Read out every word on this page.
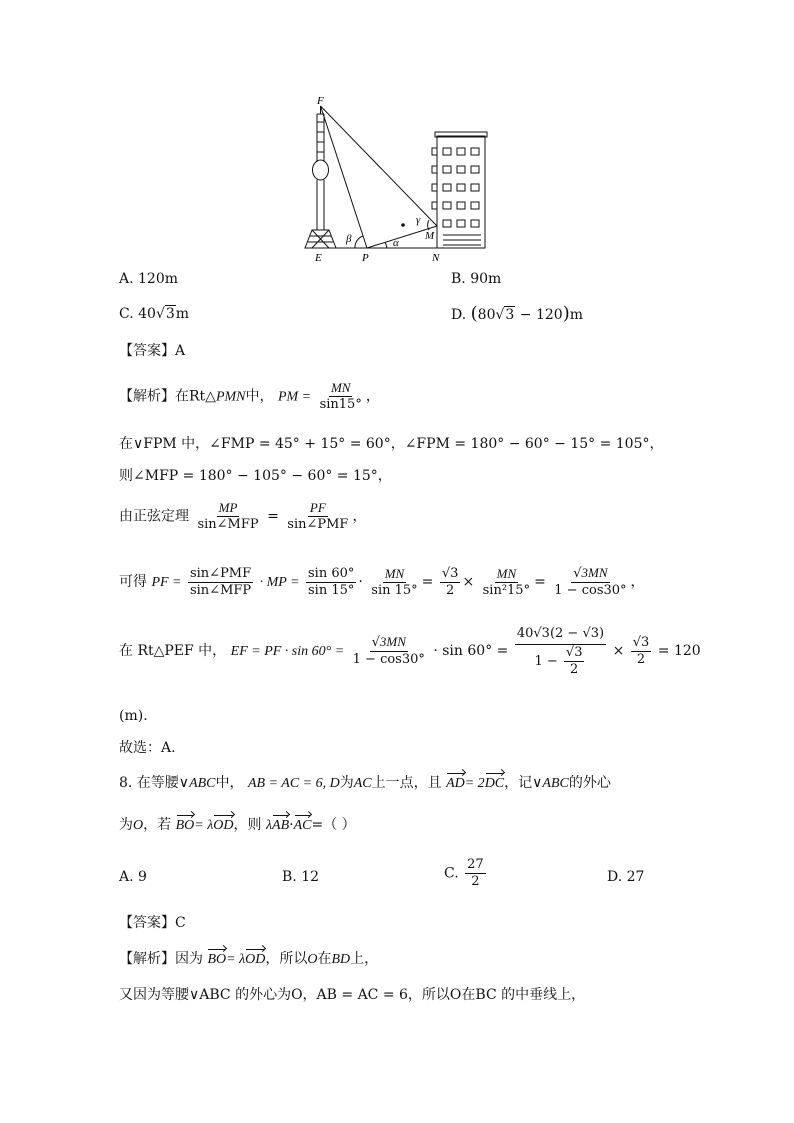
F
E	P	N
M
β	α
γ
A. 120m	B. 90m
C. 40√3m	D. (80√3 − 120)m
【答案】A
【解析】在Rt△PMN中， PM = $\frac{MN}{\sin 15^\circ}$ ，
在∨FPM 中，∠FMP = 45° + 15° = 60°，∠FPM = 180° − 60° − 15° = 105°，
则∠MFP = 180° − 105° − 60° = 15°，
由正弦定理 $\frac{MP}{\text{sin∠MFP}} = \frac{PF}{\text{sin∠PMF}}$ ，
可得 PF = $\frac{\text{sin∠PMF}}{\text{sin∠MFP}}$ · MP = $\frac{\sin 60^\circ}{\sin 15^\circ} \cdot \frac{MN}{\sin 15^\circ} = \frac{√3}{2} \times \frac{MN}{\text{sin²15°}} = \frac{√3MN}{1 - \cos 30^\circ}$ ，
在 Rt△PEF 中， EF = PF · $\sin 60^\circ = \frac{√3MN}{1 - \cos 30^\circ} \cdot \sin 60^\circ = \frac{40√3(2 - √3)}{1 - \frac{√3}{2}} \times \frac{√3}{2} = 120$
(m).
故选：A.
8. 在等腰∨ABC中， AB = AC = 6, D为AC上一点，且 AD= 2DC，记∨ABC的外心
为O，若 BO= λOD，则 λAB·AC=（ ）
A. 9	B. 12	C. $\frac{27}{2}$	D. 27
【答案】C
【解析】因为 BO= λOD，所以O在BD上，
又因为等腰∨ABC 的外心为O，AB = AC = 6，所以O在BC 的中垂线上，
